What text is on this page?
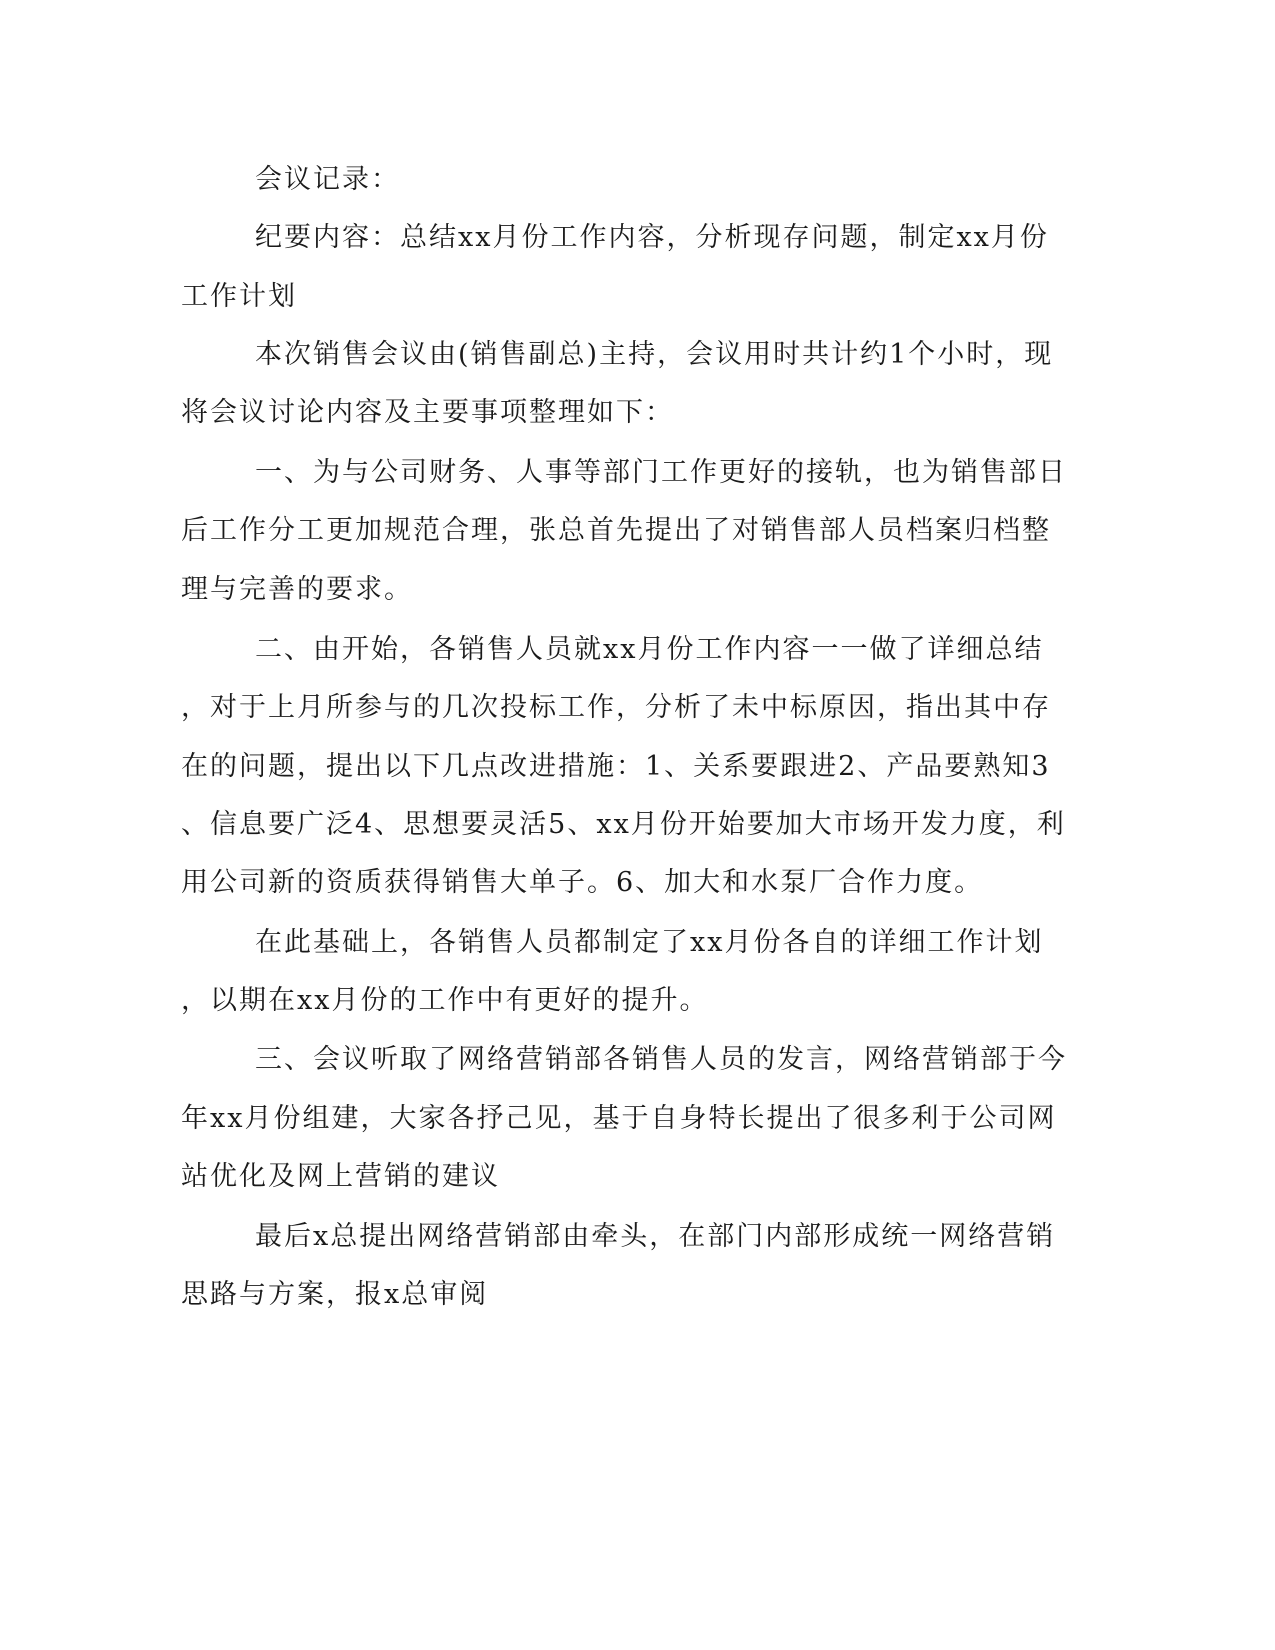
会议记录：
纪要内容：总结xx月份工作内容，分析现存问题，制定xx月份
工作计划
本次销售会议由(销售副总)主持，会议用时共计约1个小时，现
将会议讨论内容及主要事项整理如下：
一、为与公司财务、人事等部门工作更好的接轨，也为销售部日
后工作分工更加规范合理，张总首先提出了对销售部人员档案归档整
理与完善的要求。
二、由开始，各销售人员就xx月份工作内容一一做了详细总结
，对于上月所参与的几次投标工作，分析了未中标原因，指出其中存
在的问题，提出以下几点改进措施：1、关系要跟进2、产品要熟知3
、信息要广泛4、思想要灵活5、xx月份开始要加大市场开发力度，利
用公司新的资质获得销售大单子。6、加大和水泵厂合作力度。
在此基础上，各销售人员都制定了xx月份各自的详细工作计划
，以期在xx月份的工作中有更好的提升。
三、会议听取了网络营销部各销售人员的发言，网络营销部于今
年xx月份组建，大家各抒己见，基于自身特长提出了很多利于公司网
站优化及网上营销的建议
最后x总提出网络营销部由牵头，在部门内部形成统一网络营销
思路与方案，报x总审阅
